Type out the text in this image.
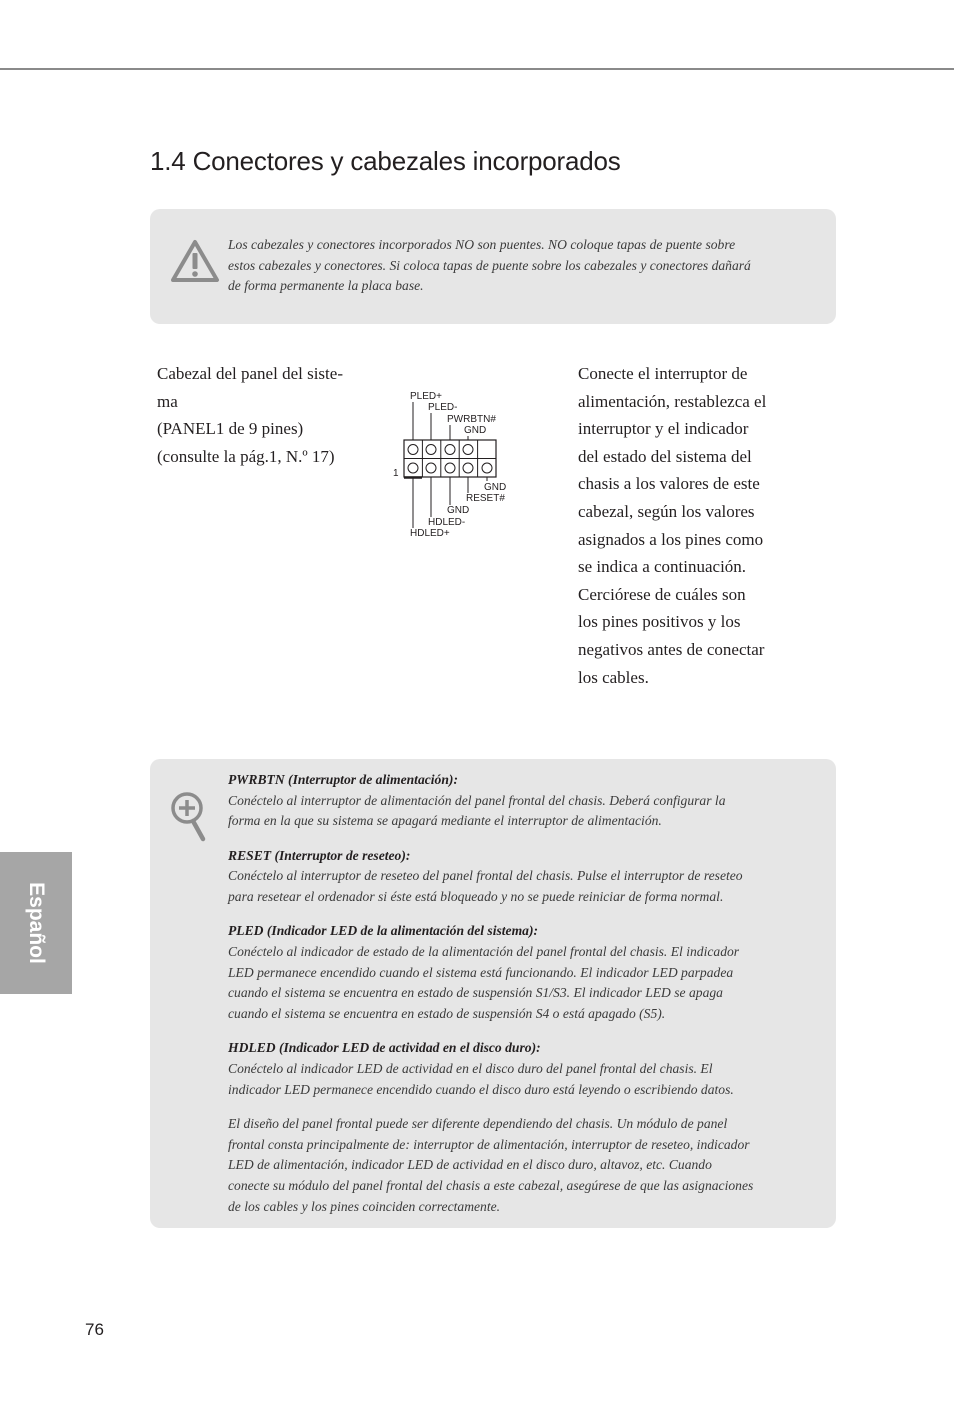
1.4 Conectores y cabezales incorporados
Los cabezales y conectores incorporados NO son puentes. NO coloque tapas de puente sobre
estos cabezales y conectores. Si coloca tapas de puente sobre los cabezales y conectores dañará
de forma permanente la placa base.
Cabezal del panel del siste-
ma
(PANEL1 de 9 pines)
(consulte la pág.1, N.º 17)
PLED+
PLED-
PWRBTN#
GND
1
GND
RESET#
GND
HDLED-
HDLED+
Conecte el interruptor de
alimentación, restablezca el
interruptor y el indicador
del estado del sistema del
chasis a los valores de este
cabezal, según los valores
asignados a los pines como
se indica a continuación.
Cerciórese de cuáles son
los pines positivos y los
negativos antes de conectar
los cables.
PWRBTN (Interruptor de alimentación):
Conéctelo al interruptor de alimentación del panel frontal del chasis. Deberá configurar la
forma en la que su sistema se apagará mediante el interruptor de alimentación.
RESET (Interruptor de reseteo):
Conéctelo al interruptor de reseteo del panel frontal del chasis. Pulse el interruptor de reseteo
para resetear el ordenador si éste está bloqueado y no se puede reiniciar de forma normal.
PLED (Indicador LED de la alimentación del sistema):
Conéctelo al indicador de estado de la alimentación del panel frontal del chasis. El indicador
LED permanece encendido cuando el sistema está funcionando. El indicador LED parpadea
cuando el sistema se encuentra en estado de suspensión S1/S3. El indicador LED se apaga
cuando el sistema se encuentra en estado de suspensión S4 o está apagado (S5).
HDLED (Indicador LED de actividad en el disco duro):
Conéctelo al indicador LED de actividad en el disco duro del panel frontal del chasis. El
indicador LED permanece encendido cuando el disco duro está leyendo o escribiendo datos.
El diseño del panel frontal puede ser diferente dependiendo del chasis. Un módulo de panel
frontal consta principalmente de: interruptor de alimentación, interruptor de reseteo, indicador
LED de alimentación, indicador LED de actividad en el disco duro, altavoz, etc. Cuando
conecte su módulo del panel frontal del chasis a este cabezal, asegúrese de que las asignaciones
de los cables y los pines coinciden correctamente.
Español
76
